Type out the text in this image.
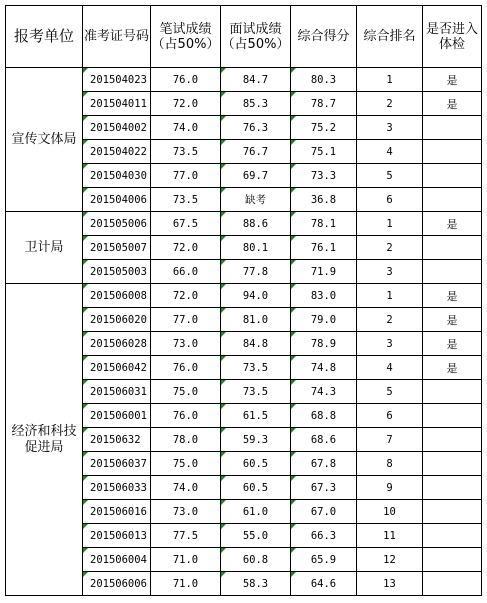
报考单位	准考证号码	笔试成绩（占50%）	面试成绩（占50%）	综合得分	综合排名	是否进入体检
宣传文体局	201504023	76.0	84.7	80.3	1	是
	201504011	72.0	85.3	78.7	2	是
	201504002	74.0	76.3	75.2	3	
	201504022	73.5	76.7	75.1	4	
	201504030	77.0	69.7	73.3	5	
	201504006	73.5	缺考	36.8	6	
卫计局	201505006	67.5	88.6	78.1	1	是
	201505007	72.0	80.1	76.1	2	
	201505003	66.0	77.8	71.9	3	
经济和科技促进局	201506008	72.0	94.0	83.0	1	是
	201506020	77.0	81.0	79.0	2	是
	201506028	73.0	84.8	78.9	3	是
	201506042	76.0	73.5	74.8	4	是
	201506031	75.0	73.5	74.3	5	
	201506001	76.0	61.5	68.8	6	
	20150632	78.0	59.3	68.6	7	
	201506037	75.0	60.5	67.8	8	
	201506033	74.0	60.5	67.3	9	
	201506016	73.0	61.0	67.0	10	
	201506013	77.5	55.0	66.3	11	
	201506004	71.0	60.8	65.9	12	
	201506006	71.0	58.3	64.6	13	
